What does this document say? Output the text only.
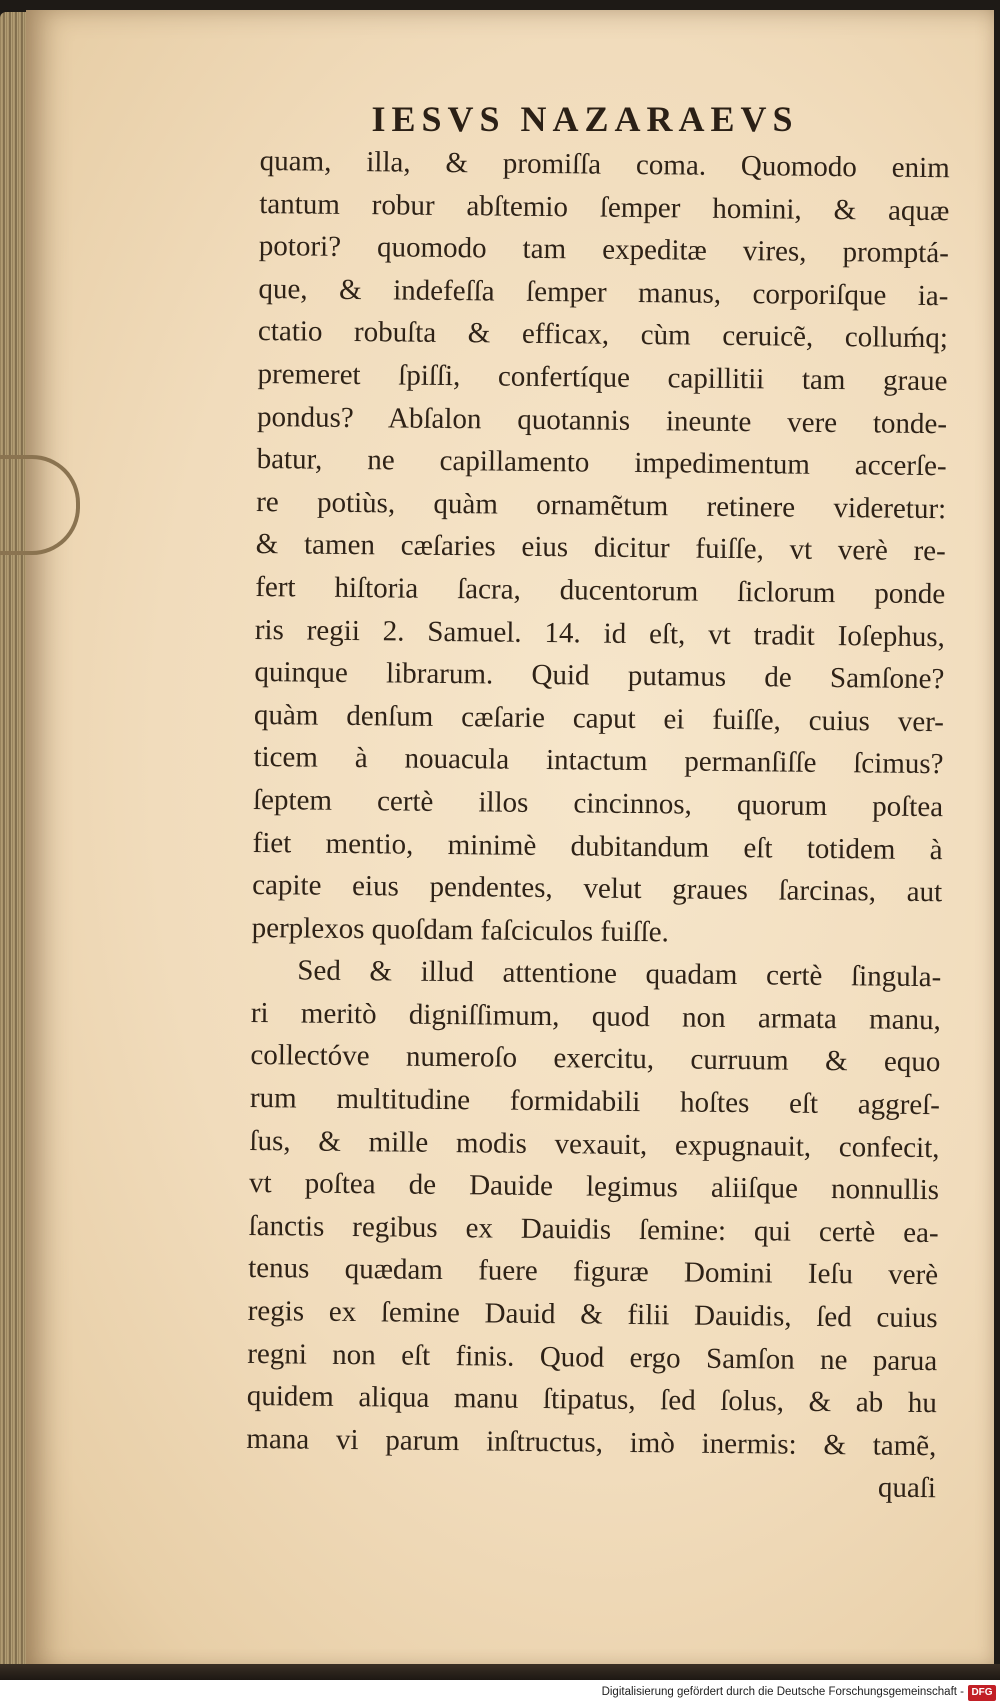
IESVS NAZARAEVS
quam, illa, & promiſſa coma. Quomodo enim
tantum robur abſtemio ſemper homini, & aquæ
potori? quomodo tam expeditæ vires, promptá-
que, & indefeſſa ſemper manus, corporiſque ia-
ctatio robuſta & efficax, cùm ceruicẽ, colluḿq;
premeret ſpiſſi, confertíque capillitii tam graue
pondus? Abſalon quotannis ineunte vere tonde-
batur, ne capillamento impedimentum accerſe-
re potiùs, quàm ornamẽtum retinere videretur:
& tamen cæſaries eius dicitur fuiſſe, vt verè re-
fert hiſtoria ſacra, ducentorum ſiclorum ponde
ris regii 2. Samuel. 14. id eſt, vt tradit Ioſephus,
quinque librarum. Quid putamus de Samſone?
quàm denſum cæſarie caput ei fuiſſe, cuius ver-
ticem à nouacula intactum permanſiſſe ſcimus?
ſeptem certè illos cincinnos, quorum poſtea
fiet mentio, minimè dubitandum eſt totidem à
capite eius pendentes, velut graues ſarcinas, aut
perplexos quoſdam faſciculos fuiſſe.
Sed & illud attentione quadam certè ſingula-
ri meritò digniſſimum, quod non armata manu,
collectóve numeroſo exercitu, curruum & equo
rum multitudine formidabili hoſtes eſt aggreſ-
ſus, & mille modis vexauit, expugnauit, confecit,
vt poſtea de Dauide legimus aliiſque nonnullis
ſanctis regibus ex Dauidis ſemine: qui certè ea-
tenus quædam fuere figuræ Domini Ieſu verè
regis ex ſemine Dauid & filii Dauidis, ſed cuius
regni non eſt finis. Quod ergo Samſon ne parua
quidem aliqua manu ſtipatus, ſed ſolus, & ab hu
mana vi parum inſtructus, imò inermis: & tamẽ,
quaſi
Digitalisierung gefördert durch die Deutsche Forschungsgemeinschaft - DFG
